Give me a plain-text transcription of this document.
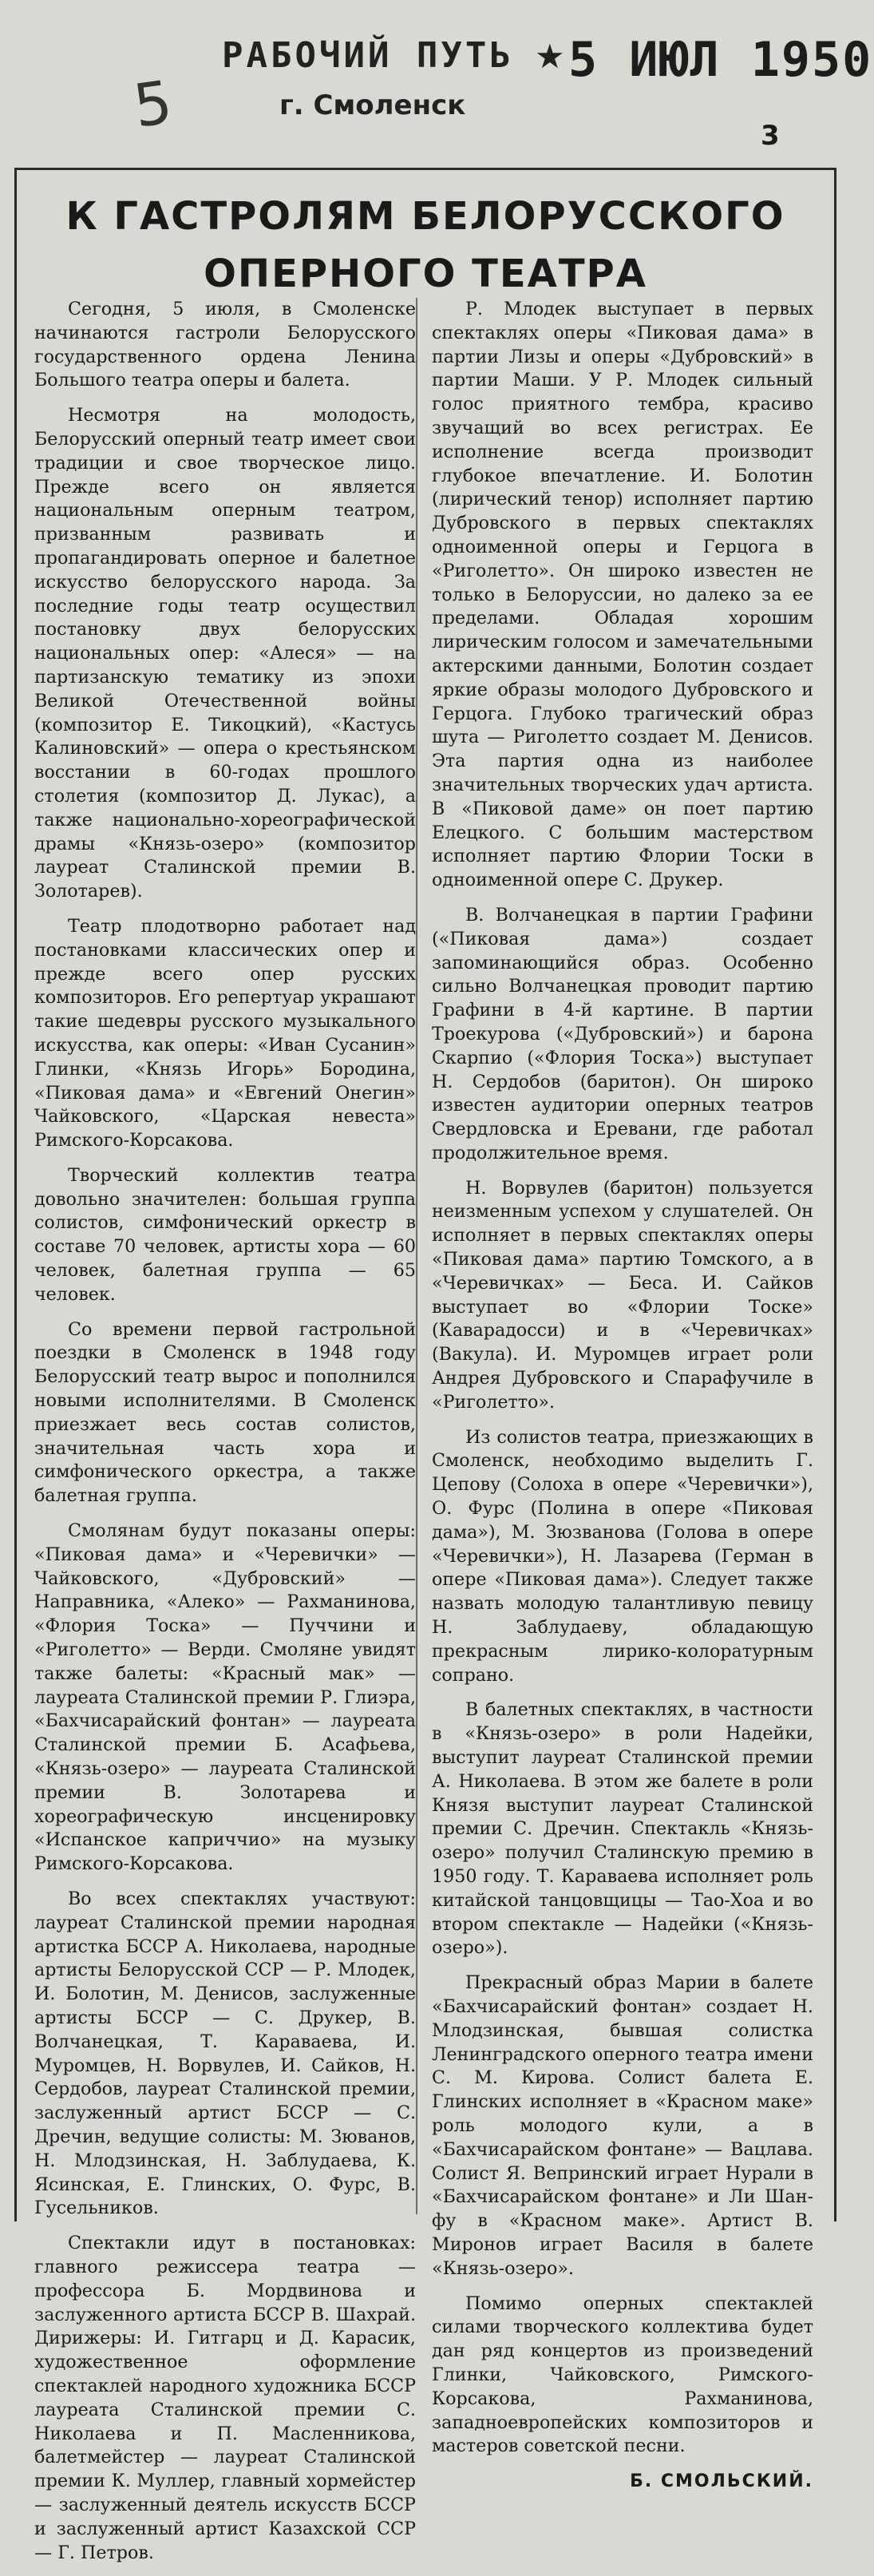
5
РАБОЧИЙ ПУТЬ
г. Смоленск
★ 5 ИЮЛ 1950
3
К ГАСТРОЛЯМ БЕЛОРУССКОГО
ОПЕРНОГО ТЕАТРА

Сегодня, 5 июля, в Смоленске начинаются гастроли Белорусского государственного ордена Ленина Большого театра оперы и балета.

Несмотря на молодость, Белорусский оперный театр имеет свои традиции и свое творческое лицо. Прежде всего он является национальным оперным театром, призванным развивать и пропагандировать оперное и балетное искусство белорусского народа. За последние годы театр осуществил постановку двух белорусских национальных опер: «Алеся» — на партизанскую тематику из эпохи Великой Отечественной войны (композитор Е. Тикоцкий), «Кастусь Калиновский» — опера о крестьянском восстании в 60-годах прошлого столетия (композитор Д. Лукас), а также национально-хореографической драмы «Князь-озеро» (композитор лауреат Сталинской премии В. Золотарев).

Театр плодотворно работает над постановками классических опер и прежде всего опер русских композиторов. Его репертуар украшают такие шедевры русского музыкального искусства, как оперы: «Иван Сусанин» Глинки, «Князь Игорь» Бородина, «Пиковая дама» и «Евгений Онегин» Чайковского, «Царская невеста» Римского-Корсакова.

Творческий коллектив театра довольно значителен: большая группа солистов, симфонический оркестр в составе 70 человек, артисты хора — 60 человек, балетная группа — 65 человек.

Со времени первой гастрольной поездки в Смоленск в 1948 году Белорусский театр вырос и пополнился новыми исполнителями. В Смоленск приезжает весь состав солистов, значительная часть хора и симфонического оркестра, а также балетная группа.

Смолянам будут показаны оперы: «Пиковая дама» и «Черевички» — Чайковского, «Дубровский» — Направника, «Алеко» — Рахманинова, «Флория Тоска» — Пуччини и «Риголетто» — Верди. Смоляне увидят также балеты: «Красный мак» — лауреата Сталинской премии Р. Глиэра, «Бахчисарайский фонтан» — лауреата Сталинской премии Б. Асафьева, «Князь-озеро» — лауреата Сталинской премии В. Золотарева и хореографическую инсценировку «Испанское каприччио» на музыку Римского-Корсакова.

Во всех спектаклях участвуют: лауреат Сталинской премии народная артистка БССР А. Николаева, народные артисты Белорусской ССР — Р. Млодек, И. Болотин, М. Денисов, заслуженные артисты БССР — С. Друкер, В. Волчанецкая, Т. Караваева, И. Муромцев, Н. Ворвулев, И. Сайков, Н. Сердобов, лауреат Сталинской премии, заслуженный артист БССР — С. Дречин, ведущие солисты: М. Зюванов, Н. Млодзинская, Н. Заблудаева, К. Ясинская, Е. Глинских, О. Фурс, В. Гусельников.

Спектакли идут в постановках: главного режиссера театра — профессора Б. Мордвинова и заслуженного артиста БССР В. Шахрай. Дирижеры: И. Гитгарц и Д. Карасик, художественное оформление спектаклей народного художника БССР лауреата Сталинской премии С. Николаева и П. Масленникова, балетмейстер — лауреат Сталинской премии К. Муллер, главный хормейстер — заслуженный деятель искусств БССР и заслуженный артист Казахской ССР — Г. Петров.

Р. Млодек выступает в первых спектаклях оперы «Пиковая дама» в партии Лизы и оперы «Дубровский» в партии Маши. У Р. Млодек сильный голос приятного тембра, красиво звучащий во всех регистрах. Ее исполнение всегда производит глубокое впечатление. И. Болотин (лирический тенор) исполняет партию Дубровского в первых спектаклях одноименной оперы и Герцога в «Риголетто». Он широко известен не только в Белоруссии, но далеко за ее пределами. Обладая хорошим лирическим голосом и замечательными актерскими данными, Болотин создает яркие образы молодого Дубровского и Герцога. Глубоко трагический образ шута — Риголетто создает М. Денисов. Эта партия одна из наиболее значительных творческих удач артиста. В «Пиковой даме» он поет партию Елецкого. С большим мастерством исполняет партию Флории Тоски в одноименной опере С. Друкер.

В. Волчанецкая в партии Графини («Пиковая дама») создает запоминающийся образ. Особенно сильно Волчанецкая проводит партию Графини в 4-й картине. В партии Троекурова («Дубровский») и барона Скарпио («Флория Тоска») выступает Н. Сердобов (баритон). Он широко известен аудитории оперных театров Свердловска и Еревани, где работал продолжительное время.

Н. Ворвулев (баритон) пользуется неизменным успехом у слушателей. Он исполняет в первых спектаклях оперы «Пиковая дама» партию Томского, а в «Черевичках» — Беса. И. Сайков выступает во «Флории Тоске» (Каварадосси) и в «Черевичках» (Вакула). И. Муромцев играет роли Андрея Дубровского и Спарафучиле в «Риголетто».

Из солистов театра, приезжающих в Смоленск, необходимо выделить Г. Цепову (Солоха в опере «Черевички»), О. Фурс (Полина в опере «Пиковая дама»), М. Зюзванова (Голова в опере «Черевички»), Н. Лазарева (Герман в опере «Пиковая дама»). Следует также назвать молодую талантливую певицу Н. Заблудаеву, обладающую прекрасным лирико-колоратурным сопрано.

В балетных спектаклях, в частности в «Князь-озеро» в роли Надейки, выступит лауреат Сталинской премии А. Николаева. В этом же балете в роли Князя выступит лауреат Сталинской премии С. Дречин. Спектакль «Князь-озеро» получил Сталинскую премию в 1950 году. Т. Караваева исполняет роль китайской танцовщицы — Тао-Хоа и во втором спектакле — Надейки («Князь-озеро»).

Прекрасный образ Марии в балете «Бахчисарайский фонтан» создает Н. Млодзинская, бывшая солистка Ленинградского оперного театра имени С. М. Кирова. Солист балета Е. Глинских исполняет в «Красном маке» роль молодого кули, а в «Бахчисарайском фонтане» — Вацлава. Солист Я. Вепринский играет Нурали в «Бахчисарайском фонтане» и Ли Шан-фу в «Красном маке». Артист В. Миронов играет Василя в балете «Князь-озеро».

Помимо оперных спектаклей силами творческого коллектива будет дан ряд концертов из произведений Глинки, Чайковского, Римского-Корсакова, Рахманинова, западноевропейских композиторов и мастеров советской песни.

Б. СМОЛЬСКИЙ.
